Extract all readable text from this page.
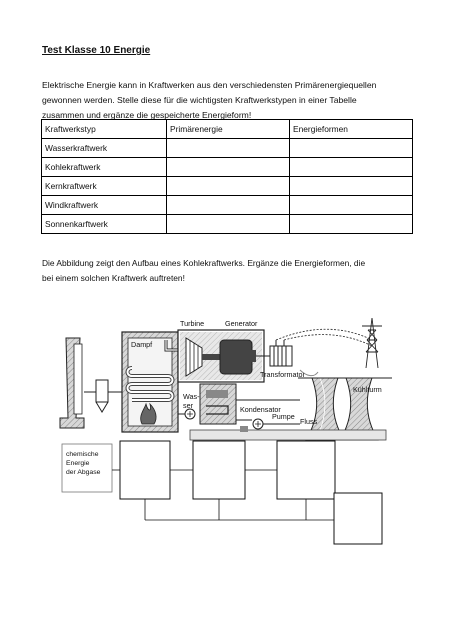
Test Klasse 10 Energie
Elektrische Energie kann in Kraftwerken aus den verschiedensten Primärenergiequellen
gewonnen werden. Stelle diese für die wichtigsten Kraftwerkstypen in einer Tabelle
zusammen und ergänze die gespeicherte Energieform!
Kraftwerkstyp	Primärenergie	Energieformen
Wasserkraftwerk		
Kohlekraftwerk		
Kernkraftwerk		
Windkraftwerk		
Sonnenkarftwerk		
Die Abbildung zeigt den Aufbau eines Kohlekraftwerks. Ergänze die Energieformen, die
bei einem solchen Kraftwerk auftreten!
Dampf
Turbine	Generator
Transformator
Kühlturm
Was-
ser	Kondensator
Pumpe
Fluss
chemische
Energie
der Abgase
